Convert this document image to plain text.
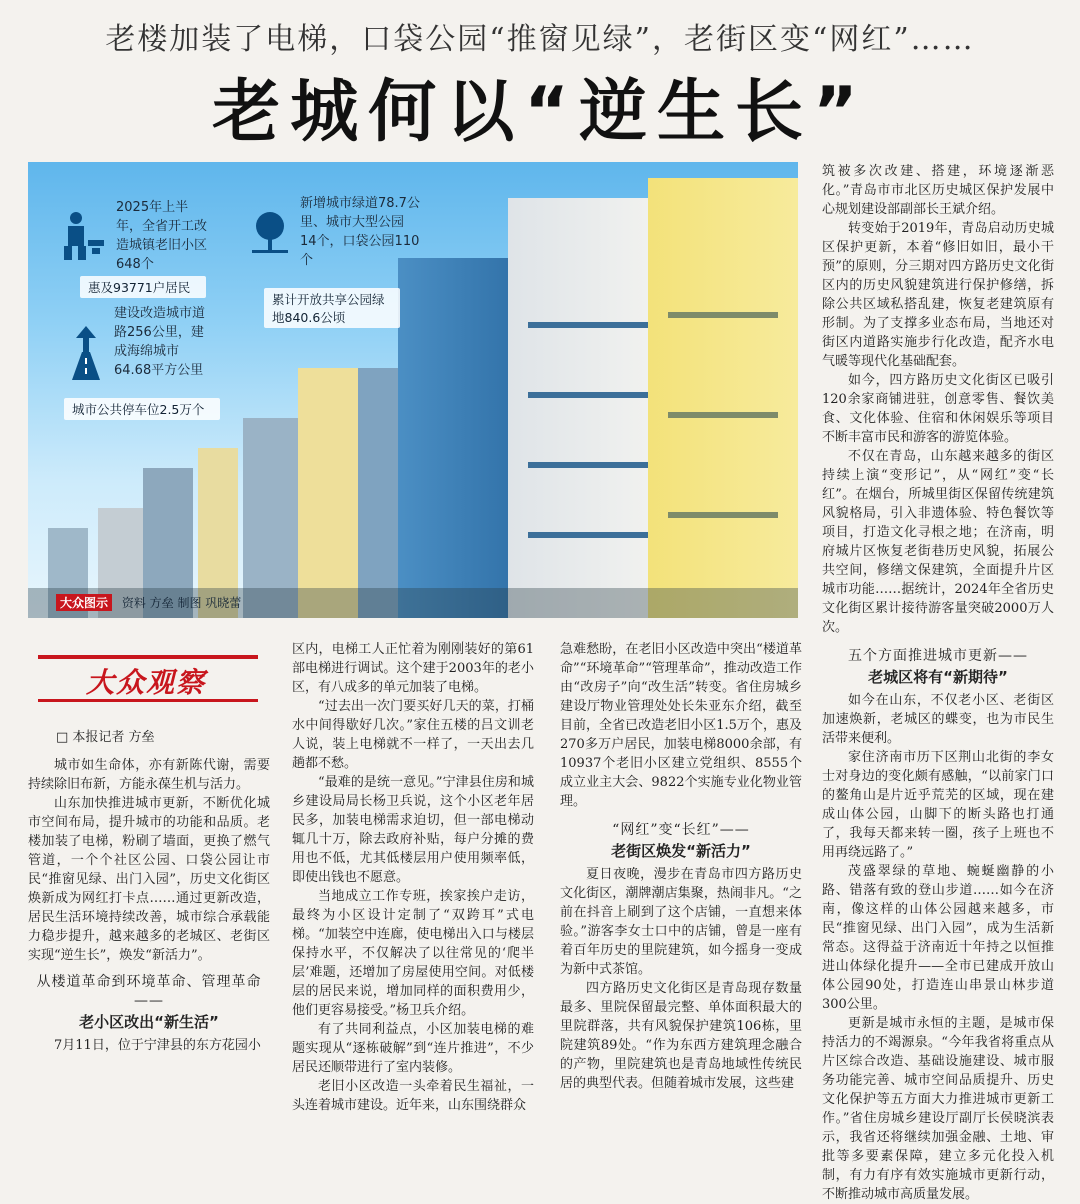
老楼加装了电梯，口袋公园“推窗见绿”，老街区变“网红”……
老城何以“逆生长”
2025年上半年，全省开工改造城镇老旧小区648个
惠及93771户居民
建设改造城市道路256公里，建成海绵城市64.68平方公里
城市公共停车位2.5万个
新增城市绿道78.7公里、城市大型公园14个，口袋公园110个
累计开放共享公园绿地840.6公顷
大众图示 资料 方垒 制图 巩晓蕾
大众观察
□ 本报记者 方垒

城市如生命体，亦有新陈代谢，需要持续除旧布新，方能永葆生机与活力。

山东加快推进城市更新，不断优化城市空间布局，提升城市的功能和品质。老楼加装了电梯，粉刷了墙面，更换了燃气管道，一个个社区公园、口袋公园让市民“推窗见绿、出门入园”，历史文化街区焕新成为网红打卡点……通过更新改造，居民生活环境持续改善，城市综合承载能力稳步提升，越来越多的老城区、老街区实现“逆生长”，焕发“新活力”。

从楼道革命到环境革命、管理革命——
老小区改出“新生活”

7月11日，位于宁津县的东方花园小

区内，电梯工人正忙着为刚刚装好的第61部电梯进行调试。这个建于2003年的老小区，有八成多的单元加装了电梯。

“过去出一次门要买好几天的菜，打桶水中间得歇好几次。”家住五楼的吕文训老人说，装上电梯就不一样了，一天出去几趟都不愁。

“最难的是统一意见。”宁津县住房和城乡建设局局长杨卫兵说，这个小区老年居民多，加装电梯需求迫切，但一部电梯动辄几十万，除去政府补贴，每户分摊的费用也不低，尤其低楼层用户使用频率低，即使出钱也不愿意。

当地成立工作专班，挨家挨户走访，最终为小区设计定制了“双跨耳”式电梯。“加装空中连廊，使电梯出入口与楼层保持水平，不仅解决了以往常见的‘爬半层’难题，还增加了房屋使用空间。对低楼层的居民来说，增加同样的面积费用少，他们更容易接受。”杨卫兵介绍。

有了共同利益点，小区加装电梯的难题实现从“逐栋破解”到“连片推进”，不少居民还顺带进行了室内装修。

老旧小区改造一头牵着民生福祉，一头连着城市建设。近年来，山东围绕群众

急难愁盼，在老旧小区改造中突出“楼道革命”“环境革命”“管理革命”，推动改造工作由“改房子”向“改生活”转变。省住房城乡建设厅物业管理处处长朱亚东介绍，截至目前，全省已改造老旧小区1.5万个，惠及270多万户居民，加装电梯8000余部，有10937个老旧小区建立党组织、8555个成立业主大会、9822个实施专业化物业管理。

“网红”变“长红”——
老街区焕发“新活力”

夏日夜晚，漫步在青岛市四方路历史文化街区，潮牌潮店集聚，热闹非凡。“之前在抖音上刷到了这个店铺，一直想来体验。”游客李女士口中的店铺，曾是一座有着百年历史的里院建筑，如今摇身一变成为新中式茶馆。

四方路历史文化街区是青岛现存数量最多、里院保留最完整、单体面积最大的里院群落，共有风貌保护建筑106栋，里院建筑89处。“作为东西方建筑理念融合的产物，里院建筑也是青岛地域性传统民居的典型代表。但随着城市发展，这些建

筑被多次改建、搭建，环境逐渐恶化。”青岛市市北区历史城区保护发展中心规划建设部副部长王斌介绍。

转变始于2019年，青岛启动历史城区保护更新，本着“修旧如旧，最小干预”的原则，分三期对四方路历史文化街区内的历史风貌建筑进行保护修缮，拆除公共区域私搭乱建，恢复老建筑原有形制。为了支撑多业态布局，当地还对街区内道路实施步行化改造，配齐水电气暖等现代化基础配套。

如今，四方路历史文化街区已吸引120余家商铺进驻，创意零售、餐饮美食、文化体验、住宿和休闲娱乐等项目不断丰富市民和游客的游览体验。

不仅在青岛，山东越来越多的街区持续上演“变形记”，从“网红”变“长红”。在烟台，所城里街区保留传统建筑风貌格局，引入非遗体验、特色餐饮等项目，打造文化寻根之地；在济南，明府城片区恢复老街巷历史风貌，拓展公共空间，修缮文保建筑，全面提升片区城市功能……据统计，2024年全省历史文化街区累计接待游客量突破2000万人次。

五个方面推进城市更新——
老城区将有“新期待”

如今在山东，不仅老小区、老街区加速焕新，老城区的蝶变，也为市民生活带来便利。

家住济南市历下区荆山北街的李女士对身边的变化颇有感触，“以前家门口的鳌角山是片近乎荒芜的区域，现在建成山体公园，山脚下的断头路也打通了，我每天都来转一圈，孩子上班也不用再绕远路了。”

茂盛翠绿的草地、蜿蜒幽静的小路、错落有致的登山步道……如今在济南，像这样的山体公园越来越多，市民“推窗见绿、出门入园”，成为生活新常态。这得益于济南近十年持之以恒推进山体绿化提升——全市已建成开放山体公园90处，打造连山串景山林步道300公里。

更新是城市永恒的主题，是城市保持活力的不竭源泉。“今年我省将重点从片区综合改造、基础设施建设、城市服务功能完善、城市空间品质提升、历史文化保护等五方面大力推进城市更新工作。”省住房城乡建设厅副厅长侯晓滨表示，我省还将继续加强金融、土地、审批等多要素保障，建立多元化投入机制，有力有序有效实施城市更新行动，不断推动城市高质量发展。
